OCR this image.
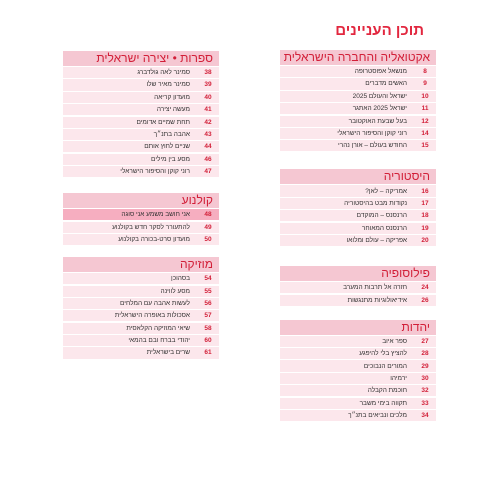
תוכן העניינים
אקטואליה והחברה הישראלית
8
מנשאל אפוסטרופה
9
האשים מדברים
10
ישראל והעולם 2025
11
ישראל 2025 האתגר
12
בעל שבעת האוקטובר
14
רוני קוקן והסיפור הישראלי
15
החודש בעולם – אורן נהרי
היסטוריה
16
אמריקה – לאן?
17
נקודות מבט בהיסטוריה
18
הרנסנס – המוקדם
19
הרנסנס המאוחר
20
אפריקה – עולם ומלואו
פילוסופיה
24
חזרה אל תרבות המערב
26
אידיאולוגיות מתנגשות
יהדות
27
ספר איוב
28
להציץ בלי להיפגע
29
המורים הנבוכים
30
ירמיהו
32
חוכמת הקבלה
33
תקווה בימי משבר
34
מלכים ונביאים בתנ״ך
ספרות • יצירה ישראלית
38
סמינר לאה גולדברג
39
סמינר מאיר שלו
40
מועדון קריאה
41
מעשה יצירה
42
תחת שמיים אדומים
43
אהבה בתנ״ך
44
שניים לחוץ אותם
46
מסע בין מילים
47
רוני קוקן והסיפור הישראלי
קולנוע
48
אני חושב משמע אני סוגה
49
להתעורר לסקר חדש בקולנוע
50
מועדון סרט-בכורה בקולנוע
מוזיקה
54
בסהוכן
55
מסע לווינה
56
לעשות אהבה עם המלחים
57
אסכולות באופרה הישראלית
58
שיאי המוזיקה הקלאסית
60
יהודי בברח ובם בהמאי
61
שרים בישראלית
